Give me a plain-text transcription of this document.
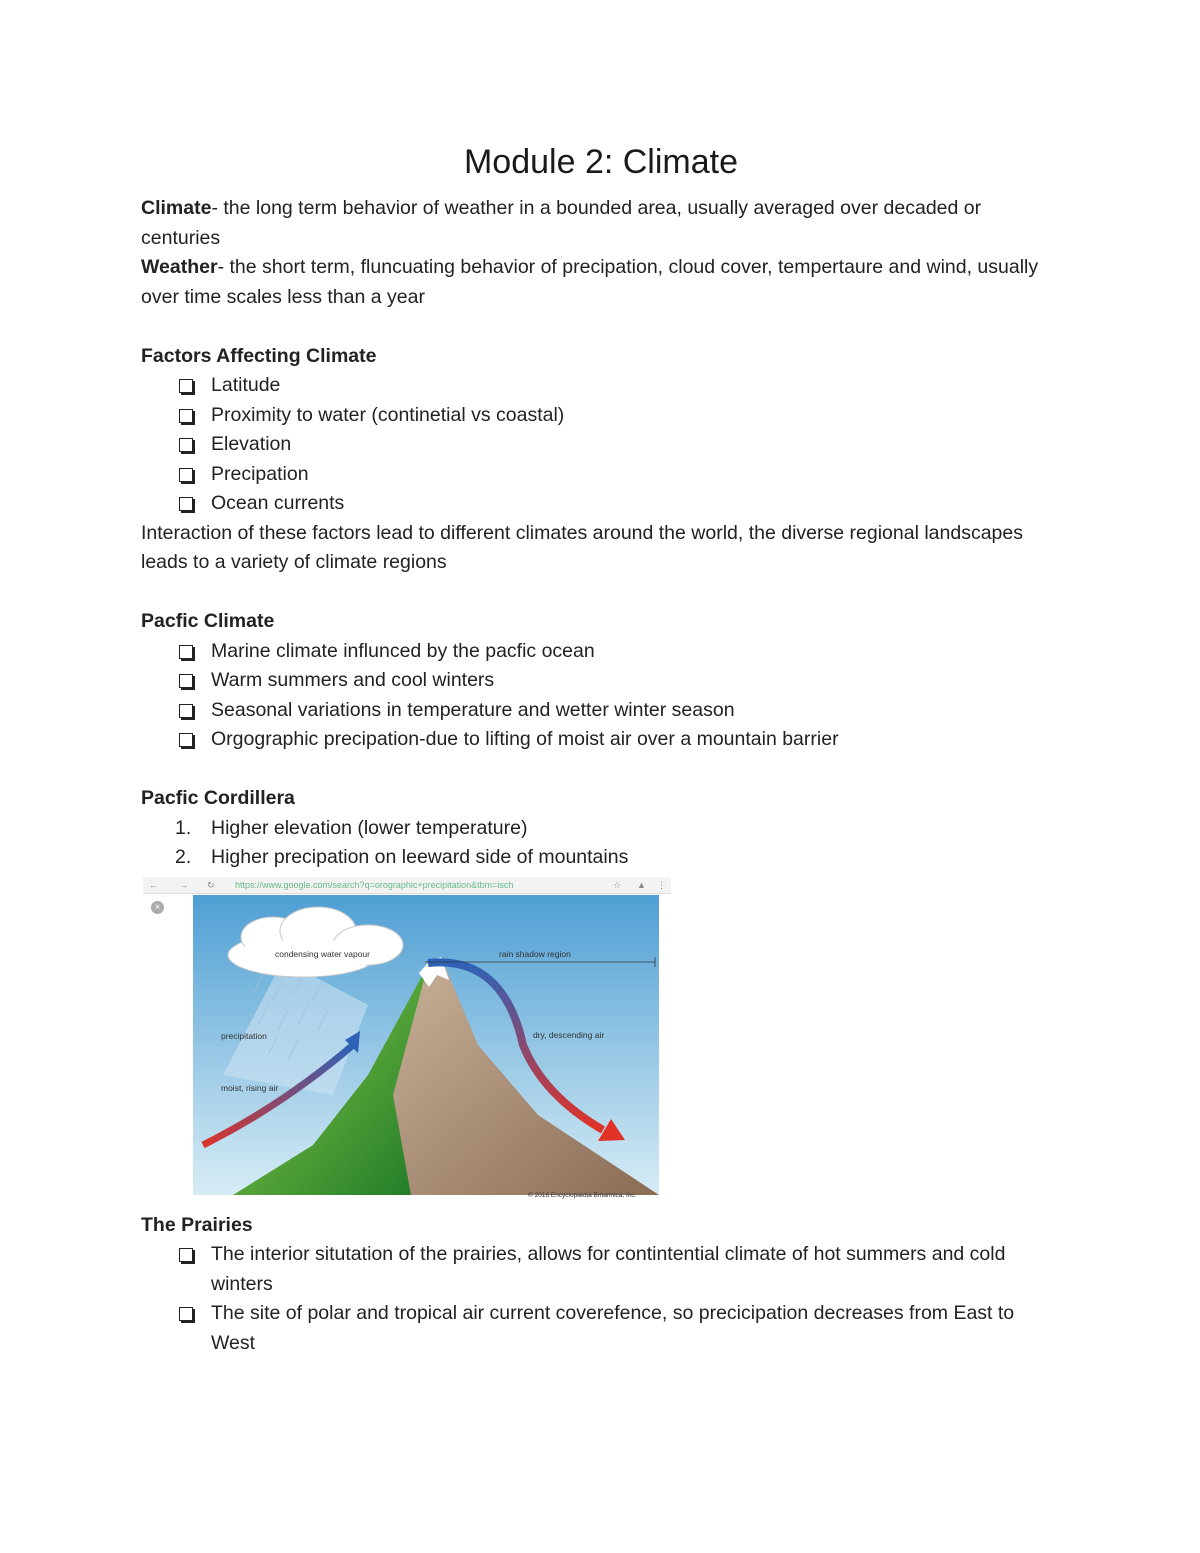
Module 2: Climate

Climate- the long term behavior of weather in a bounded area, usually averaged over decaded or centuries

Weather- the short term, fluncuating behavior of precipation, cloud cover, tempertaure and wind, usually over time scales less than a year

Factors Affecting Climate

Latitude
Proximity to water (continetial vs coastal)
Elevation
Precipation
Ocean currents

Interaction of these factors lead to different climates around the world, the diverse regional landscapes leads to a variety of climate regions

Pacfic Climate

Marine climate influnced by the pacfic ocean
Warm summers and cool winters
Seasonal variations in temperature and wetter winter season
Orgographic precipation-due to lifting of moist air over a mountain barrier

Pacfic Cordillera

1. Higher elevation (lower temperature)
2. Higher precipation on leeward side of mountains
← → ↻ https://www.google.com/search?q=orographic+precipitation&tbm=isch	☆ ▲ ⋮
×
condensing water vapour	rain shadow region
precipitation	dry, descending air
moist, rising air
© 2016 Encyclopædia Britannica, Inc.

The Prairies

The interior situtation of the prairies, allows for contintential climate of hot summers and cold winters
The site of polar and tropical air current coverefence, so precicipation decreases from East to West
